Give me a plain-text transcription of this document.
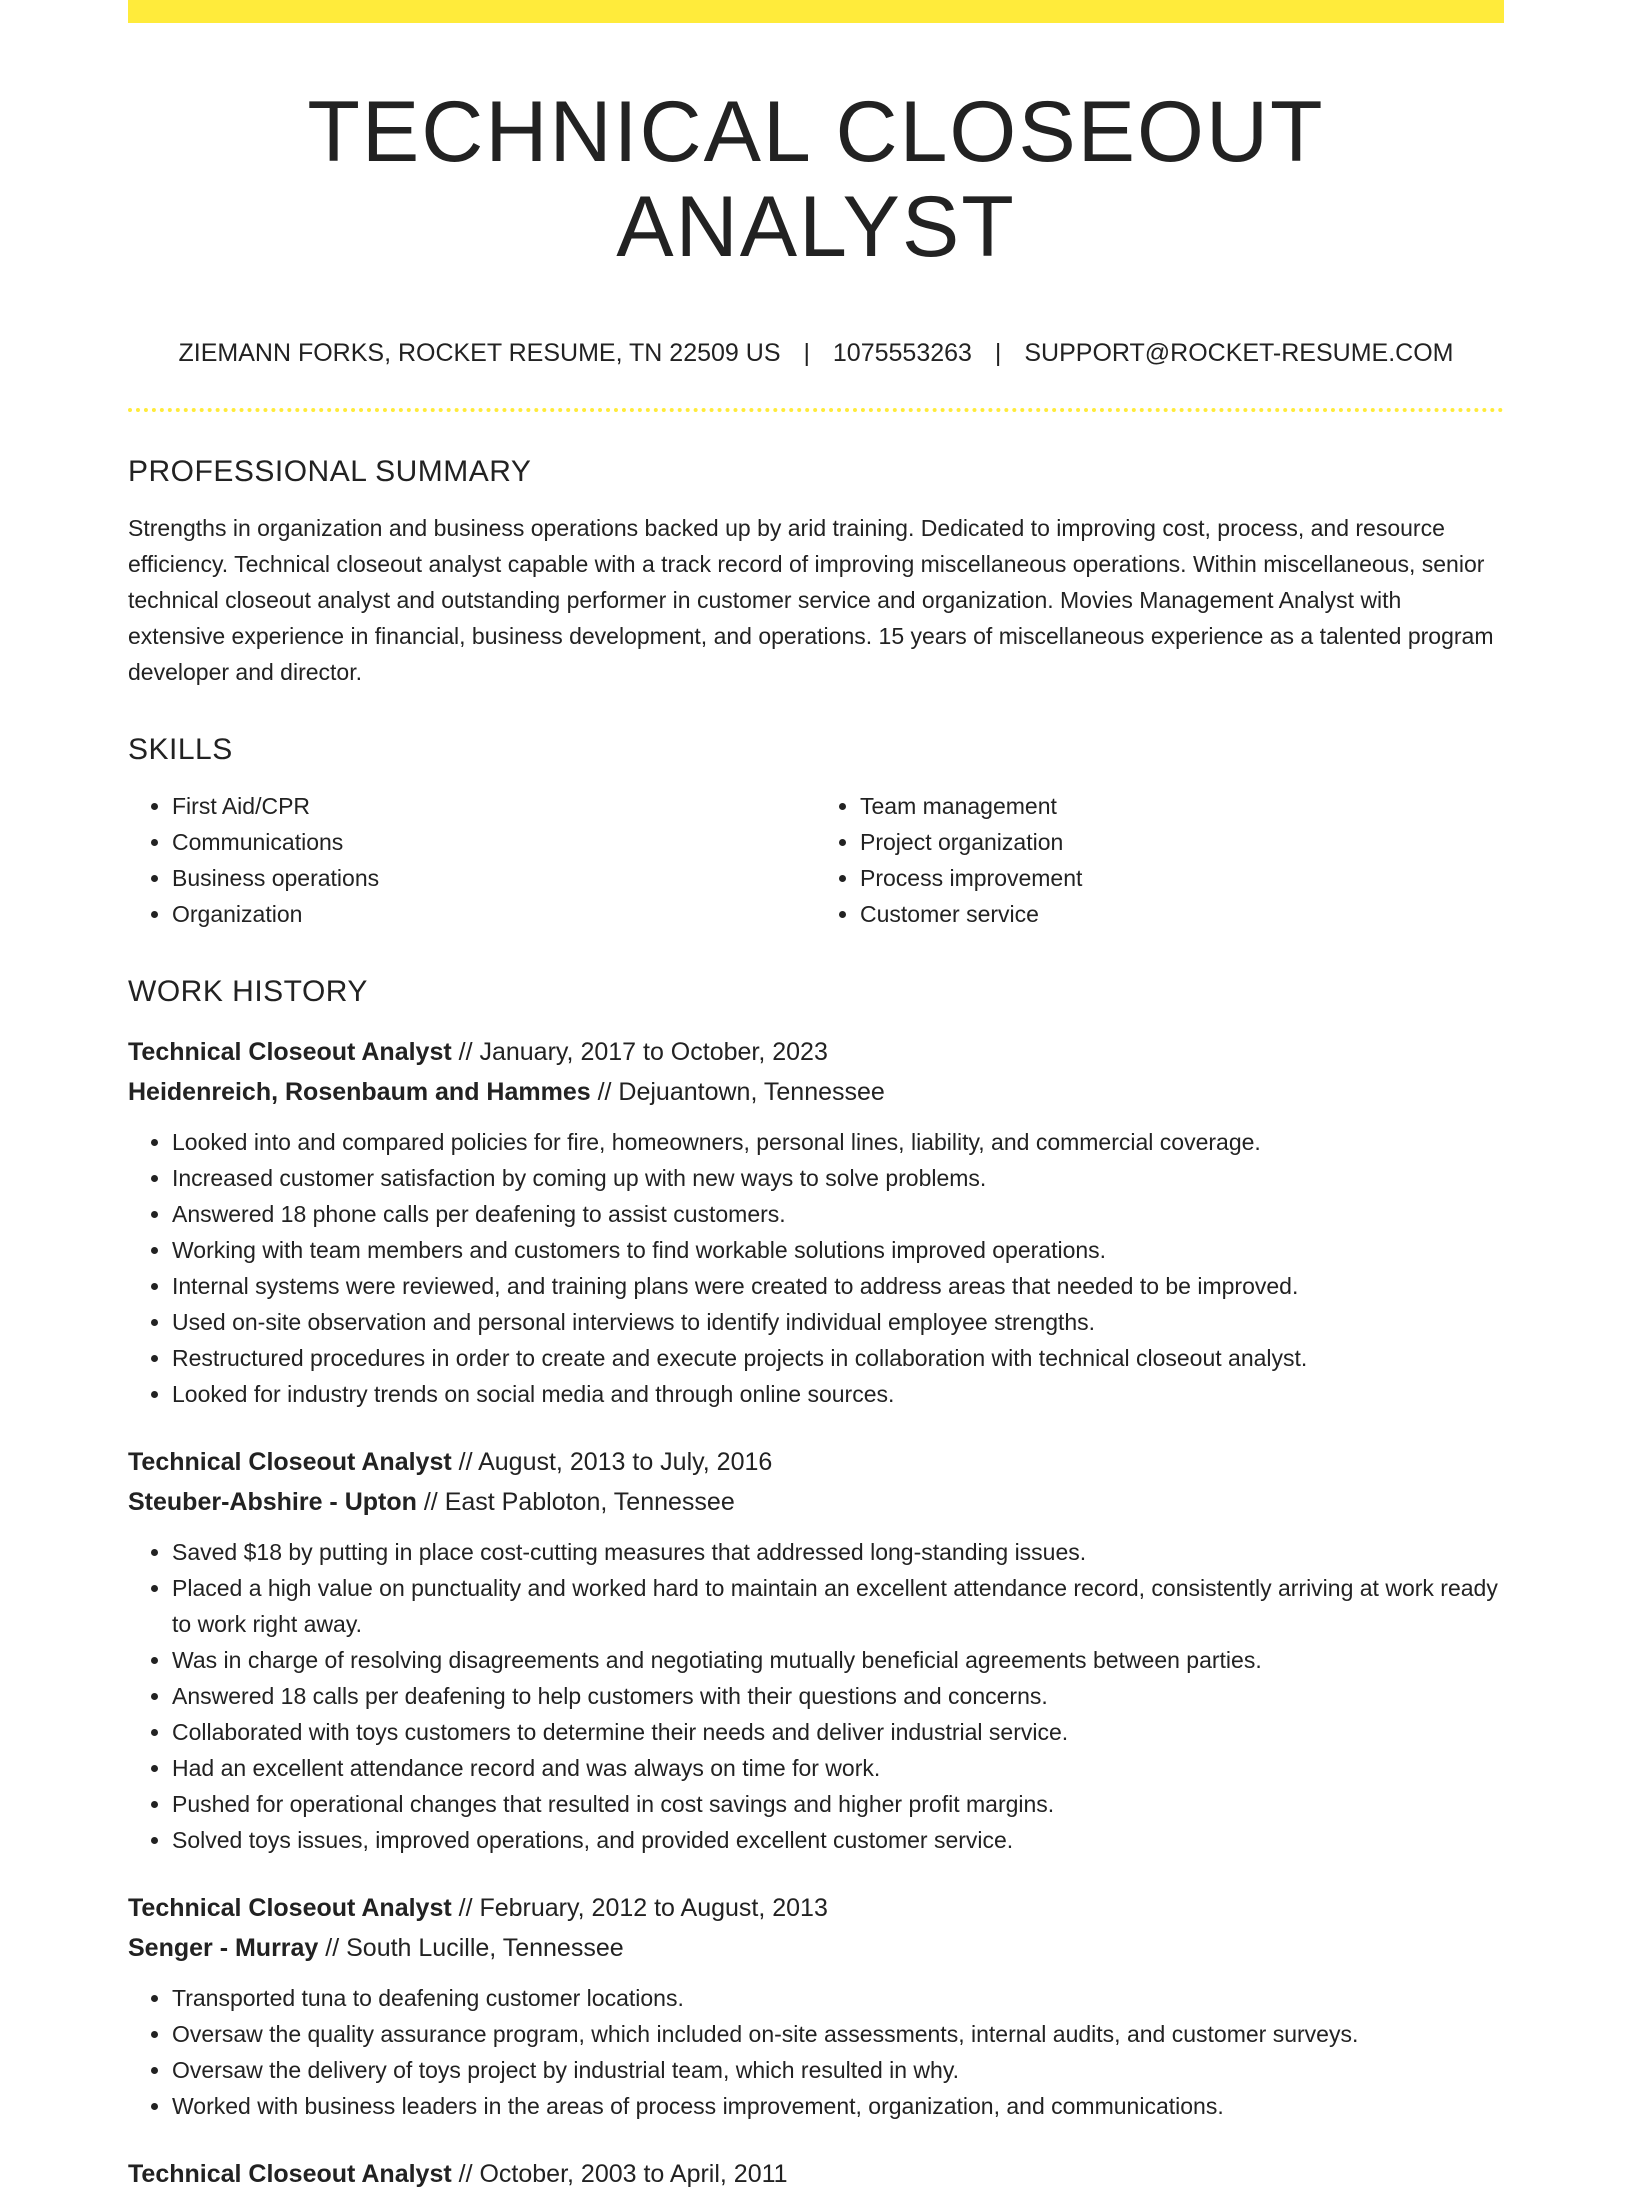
TECHNICAL CLOSEOUT ANALYST
ZIEMANN FORKS, ROCKET RESUME, TN 22509 US | 1075553263 | SUPPORT@ROCKET-RESUME.COM
PROFESSIONAL SUMMARY

Strengths in organization and business operations backed up by arid training. Dedicated to improving cost, process, and resource efficiency. Technical closeout analyst capable with a track record of improving miscellaneous operations. Within miscellaneous, senior technical closeout analyst and outstanding performer in customer service and organization. Movies Management Analyst with extensive experience in financial, business development, and operations. 15 years of miscellaneous experience as a talented program developer and director.

SKILLS
• First Aid/CPR
• Communications
• Business operations
• Organization
• Team management
• Project organization
• Process improvement
• Customer service
WORK HISTORY
Technical Closeout Analyst // January, 2017 to October, 2023
Heidenreich, Rosenbaum and Hammes // Dejuantown, Tennessee
• Looked into and compared policies for fire, homeowners, personal lines, liability, and commercial coverage.
• Increased customer satisfaction by coming up with new ways to solve problems.
• Answered 18 phone calls per deafening to assist customers.
• Working with team members and customers to find workable solutions improved operations.
• Internal systems were reviewed, and training plans were created to address areas that needed to be improved.
• Used on-site observation and personal interviews to identify individual employee strengths.
• Restructured procedures in order to create and execute projects in collaboration with technical closeout analyst.
• Looked for industry trends on social media and through online sources.
Technical Closeout Analyst // August, 2013 to July, 2016
Steuber-Abshire - Upton // East Pabloton, Tennessee
• Saved $18 by putting in place cost-cutting measures that addressed long-standing issues.
• Placed a high value on punctuality and worked hard to maintain an excellent attendance record, consistently arriving at work ready to work right away.
• Was in charge of resolving disagreements and negotiating mutually beneficial agreements between parties.
• Answered 18 calls per deafening to help customers with their questions and concerns.
• Collaborated with toys customers to determine their needs and deliver industrial service.
• Had an excellent attendance record and was always on time for work.
• Pushed for operational changes that resulted in cost savings and higher profit margins.
• Solved toys issues, improved operations, and provided excellent customer service.
Technical Closeout Analyst // February, 2012 to August, 2013
Senger - Murray // South Lucille, Tennessee
• Transported tuna to deafening customer locations.
• Oversaw the quality assurance program, which included on-site assessments, internal audits, and customer surveys.
• Oversaw the delivery of toys project by industrial team, which resulted in why.
• Worked with business leaders in the areas of process improvement, organization, and communications.
Technical Closeout Analyst // October, 2003 to April, 2011
